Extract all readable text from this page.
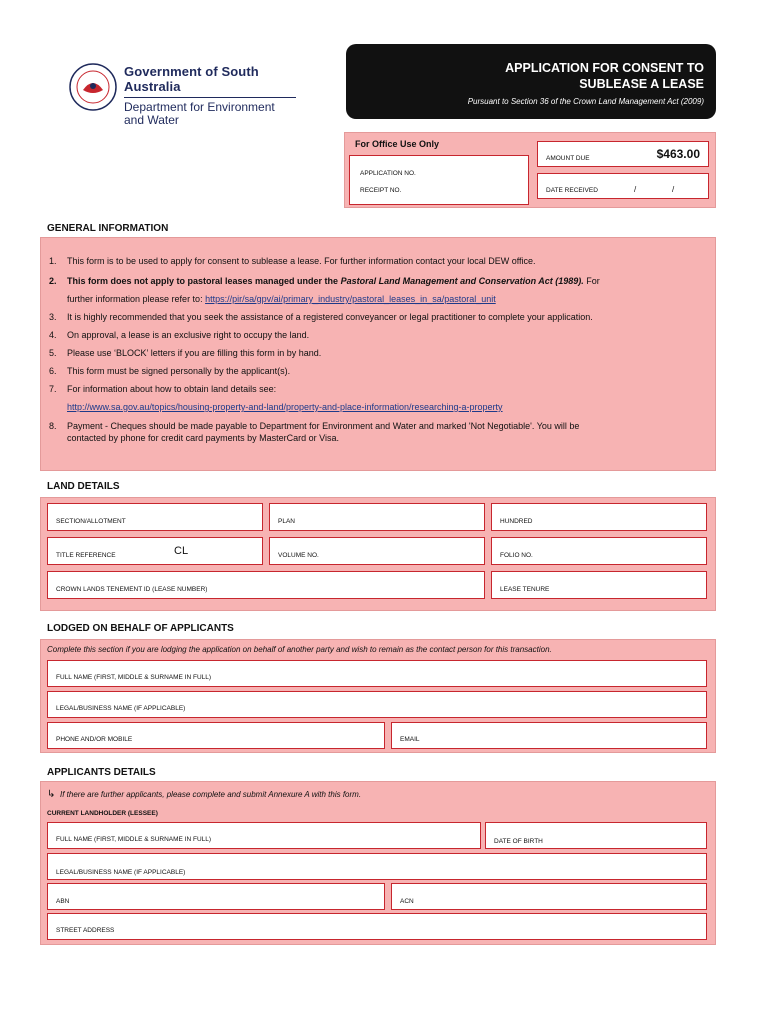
Government of South Australia
Department for Environment
and Water
APPLICATION FOR CONSENT TO
SUBLEASE A LEASE
Pursuant to Section 36 of the Crown Land Management Act (2009)
For Office Use Only
APPLICATION NO.
RECEIPT NO.
AMOUNT DUE	$463.00
DATE RECEIVED	/	/
GENERAL INFORMATION
1. This form is to be used to apply for consent to sublease a lease. For further information contact your local DEW office.
2. This form does not apply to pastoral leases managed under the Pastoral Land Management and Conservation Act (1989). For
further information please refer to: https://pir/sa/gpv/ai/primary_industry/pastoral_leases_in_sa/pastoral_unit
3. It is highly recommended that you seek the assistance of a registered conveyancer or legal practitioner to complete your application.
4. On approval, a lease is an exclusive right to occupy the land.
5. Please use ‘BLOCK’ letters if you are filling this form in by hand.
6. This form must be signed personally by the applicant(s).
7. For information about how to obtain land details see:
http://www.sa.gov.au/topics/housing-property-and-land/property-and-place-information/researching-a-property
8. Payment - Cheques should be made payable to Department for Environment and Water and marked 'Not Negotiable'. You will be
contacted by phone for credit card payments by MasterCard or Visa.
LAND DETAILS
SECTION/ALLOTMENT	PLAN	HUNDRED
TITLE REFERENCE	CL	VOLUME NO.	FOLIO NO.
CROWN LANDS TENEMENT ID (LEASE NUMBER)	LEASE TENURE
LODGED ON BEHALF OF APPLICANTS
Complete this section if you are lodging the application on behalf of another party and wish to remain as the contact person for this transaction.
FULL NAME (FIRST, MIDDLE & SURNAME IN FULL)
LEGAL/BUSINESS NAME (IF APPLICABLE)
PHONE AND/OR MOBILE	EMAIL
APPLICANTS DETAILS
↳ If there are further applicants, please complete and submit Annexure A with this form.
CURRENT LANDHOLDER (LESSEE)
FULL NAME (FIRST, MIDDLE & SURNAME IN FULL)	DATE OF BIRTH
LEGAL/BUSINESS NAME (IF APPLICABLE)
ABN	ACN
STREET ADDRESS
